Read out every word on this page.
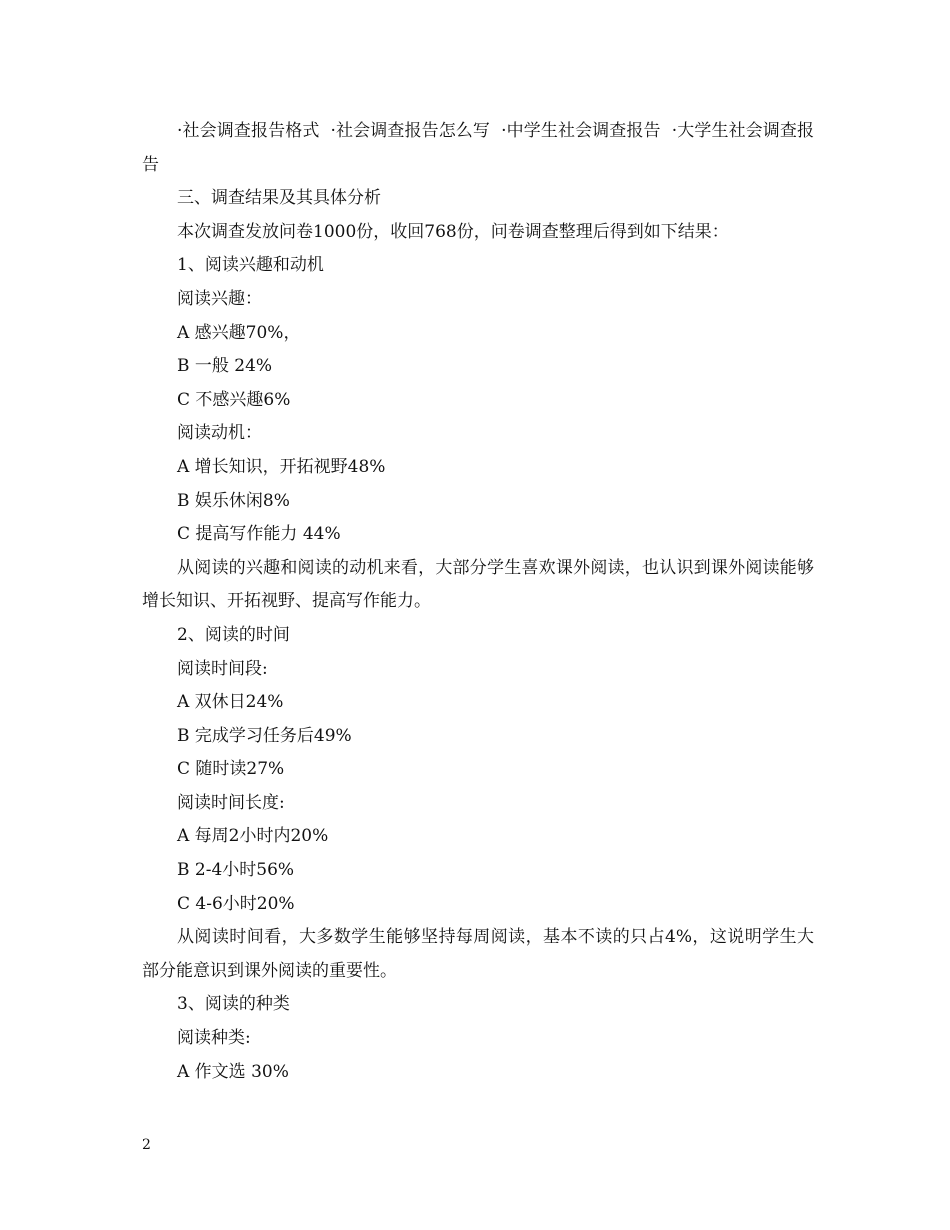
·社会调查报告格式 ·社会调查报告怎么写 ·中学生社会调查报告 ·大学生社会调查报告
三、调查结果及其具体分析
本次调查发放问卷1000份，收回768份，问卷调查整理后得到如下结果：
1、阅读兴趣和动机
阅读兴趣：
A 感兴趣70%，
B 一般 24%
C 不感兴趣6%
阅读动机：
A 增长知识，开拓视野48%
B 娱乐休闲8%
C 提高写作能力 44%
从阅读的兴趣和阅读的动机来看，大部分学生喜欢课外阅读，也认识到课外阅读能够增长知识、开拓视野、提高写作能力。
2、阅读的时间
阅读时间段:
A 双休日24%
B 完成学习任务后49%
C 随时读27%
阅读时间长度:
A 每周2小时内20%
B 2-4小时56%
C 4-6小时20%
从阅读时间看，大多数学生能够坚持每周阅读，基本不读的只占4%，这说明学生大部分能意识到课外阅读的重要性。
3、阅读的种类
阅读种类:
A 作文选 30%
2
